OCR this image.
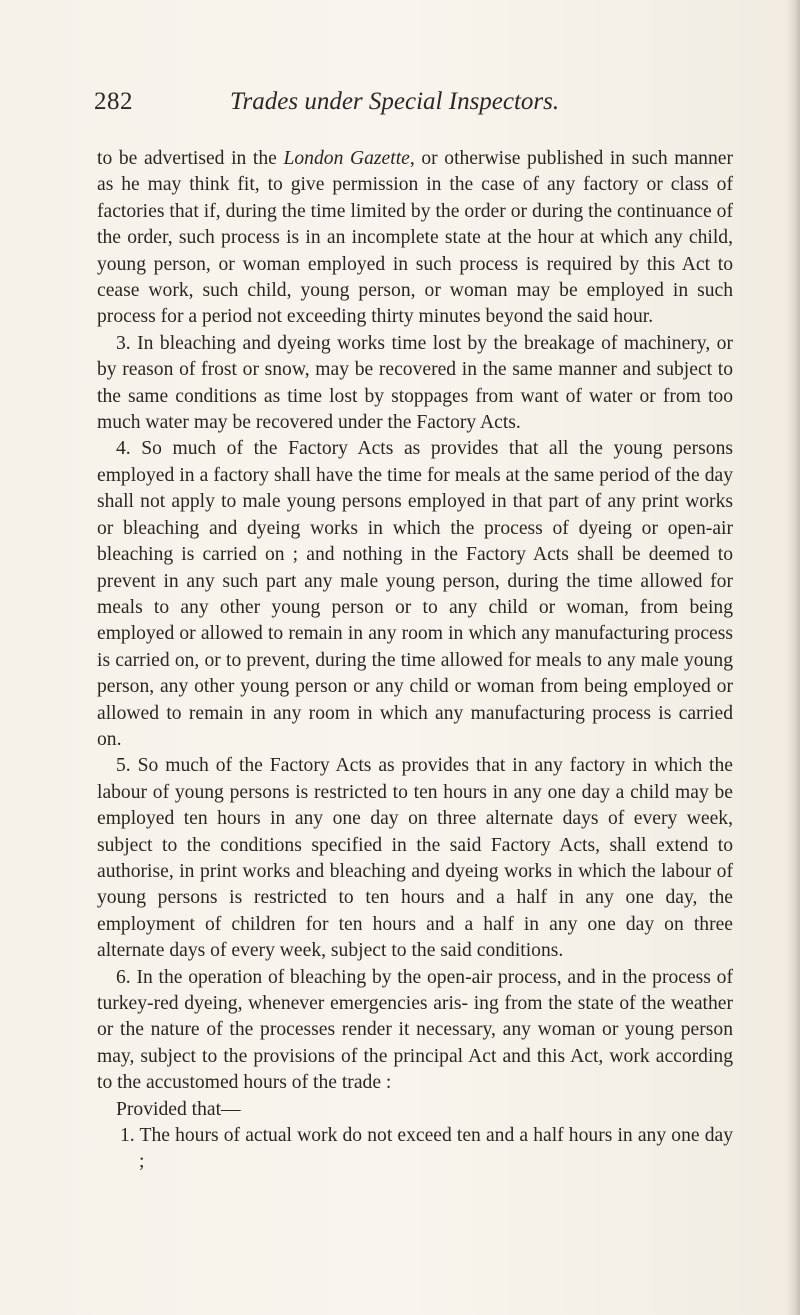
282	Trades under Special Inspectors.

to be advertised in the London Gazette, or otherwise published in such manner as he may think fit, to give permission in the case of any factory or class of factories that if, during the time limited by the order or during the continuance of the order, such process is in an incomplete state at the hour at which any child, young person, or woman employed in such process is required by this Act to cease work, such child, young person, or woman may be employed in such process for a period not exceeding thirty minutes beyond the said hour.

3. In bleaching and dyeing works time lost by the breakage of machinery, or by reason of frost or snow, may be recovered in the same manner and subject to the same conditions as time lost by stoppages from want of water or from too much water may be recovered under the Factory Acts.

4. So much of the Factory Acts as provides that all the young persons employed in a factory shall have the time for meals at the same period of the day shall not apply to male young persons employed in that part of any print works or bleaching and dyeing works in which the process of dyeing or open-air bleaching is carried on ; and nothing in the Factory Acts shall be deemed to prevent in any such part any male young person, during the time allowed for meals to any other young person or to any child or woman, from being employed or allowed to remain in any room in which any manufacturing process is carried on, or to prevent, during the time allowed for meals to any male young person, any other young person or any child or woman from being employed or allowed to remain in any room in which any manufacturing process is carried on.

5. So much of the Factory Acts as provides that in any factory in which the labour of young persons is restricted to ten hours in any one day a child may be employed ten hours in any one day on three alternate days of every week, subject to the conditions specified in the said Factory Acts, shall extend to authorise, in print works and bleaching and dyeing works in which the labour of young persons is restricted to ten hours and a half in any one day, the employment of children for ten hours and a half in any one day on three alternate days of every week, subject to the said conditions.

6. In the operation of bleaching by the open-air process, and in the process of turkey-red dyeing, whenever emergencies aris- ing from the state of the weather or the nature of the processes render it necessary, any woman or young person may, subject to the provisions of the principal Act and this Act, work according to the accustomed hours of the trade :

Provided that—

1. The hours of actual work do not exceed ten and a half hours in any one day ;
